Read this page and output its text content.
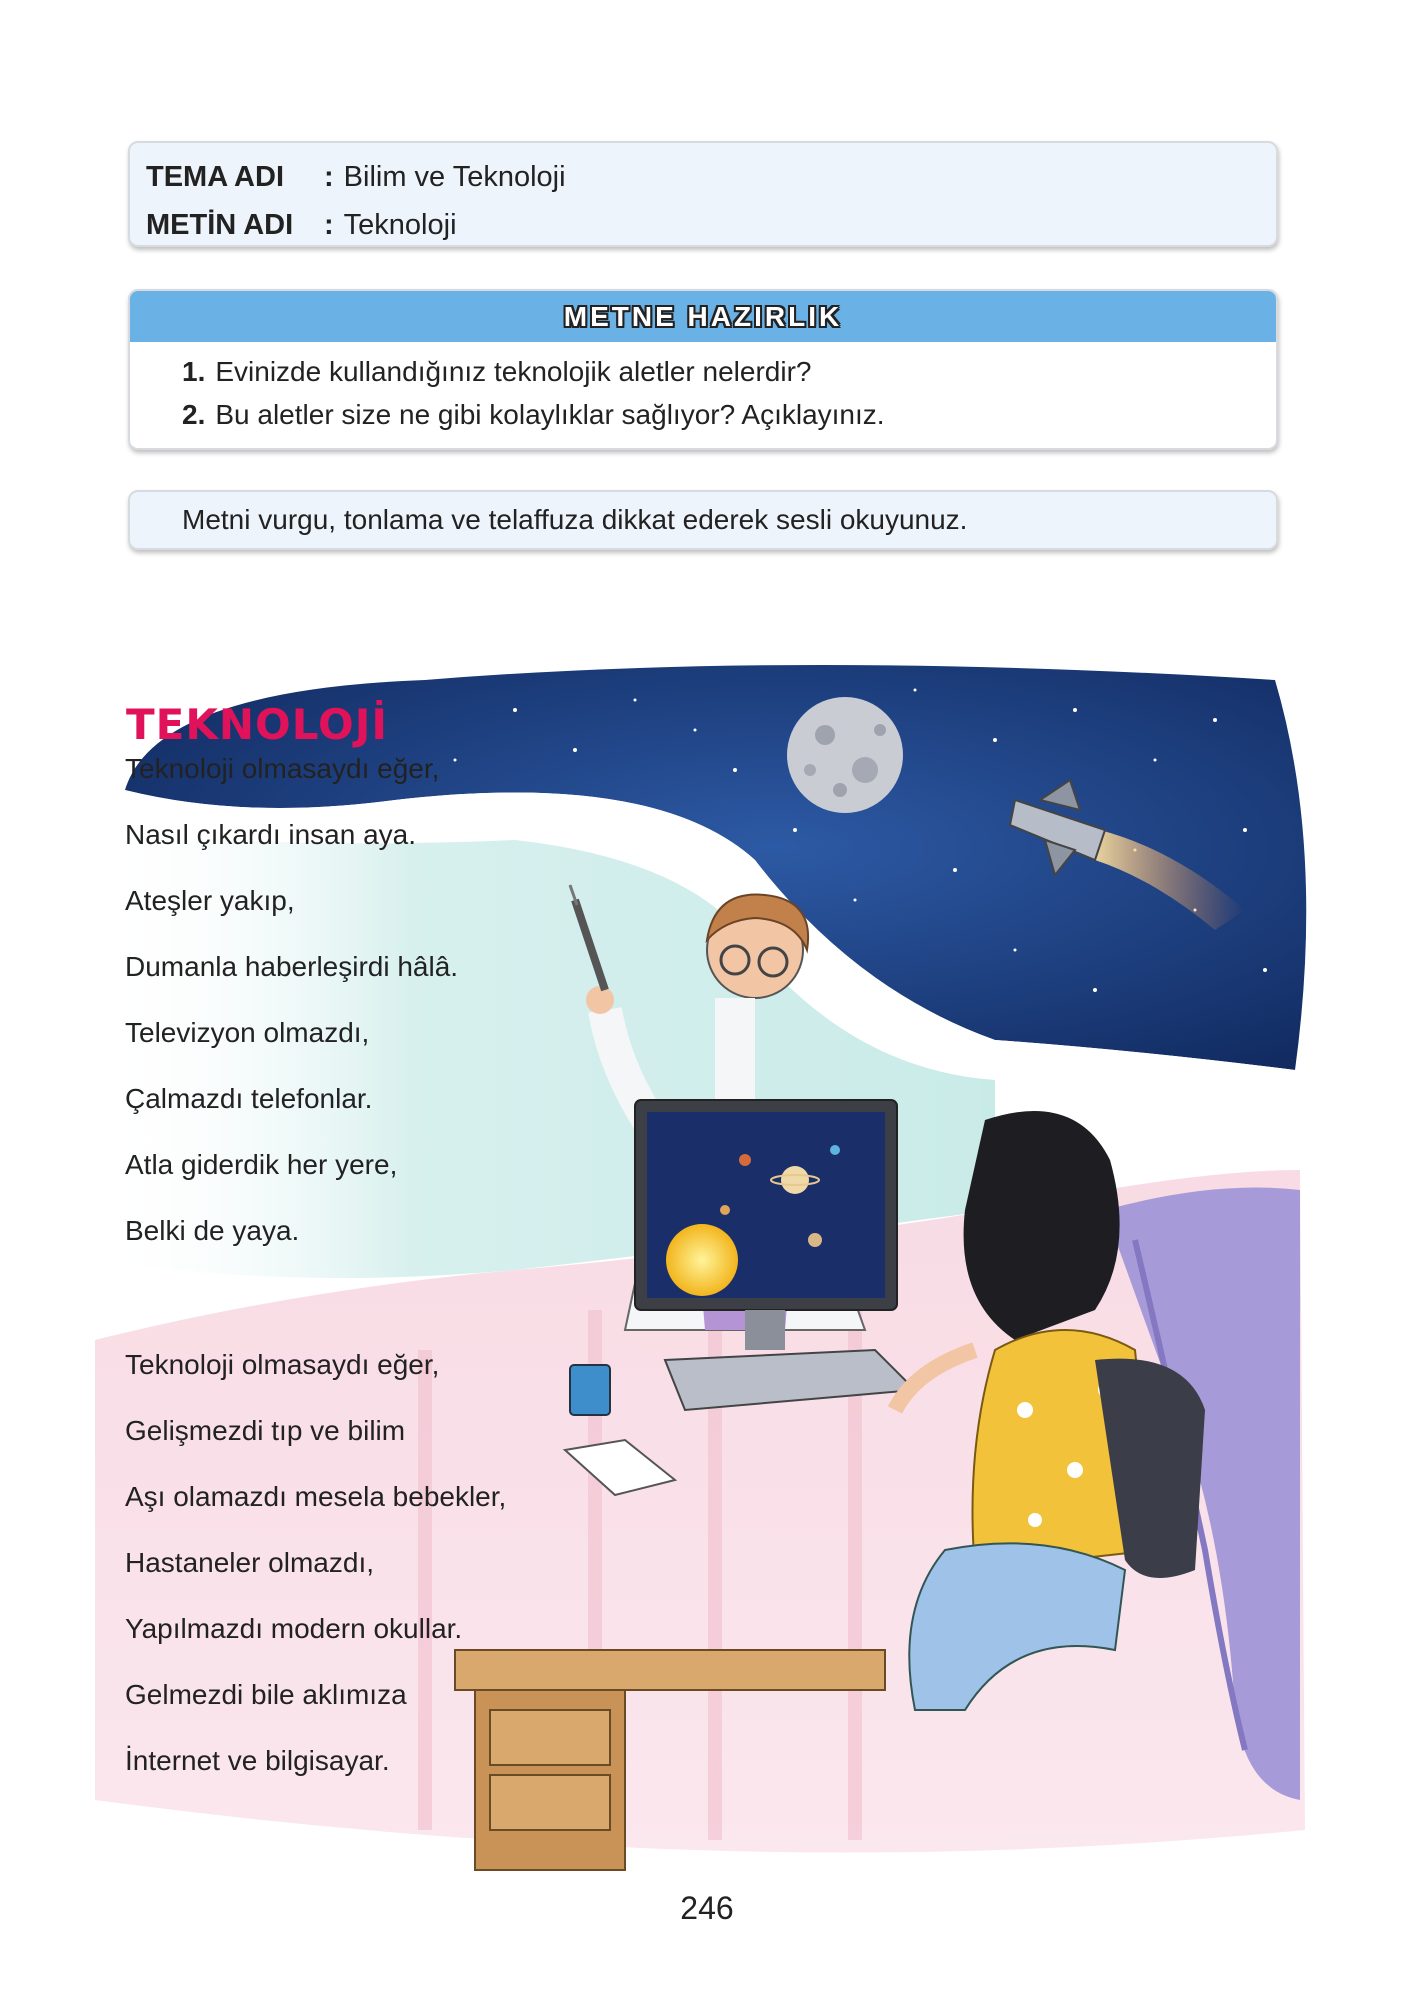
TEMA ADI : Bilim ve Teknoloji
METİN ADI : Teknoloji
METNE HAZIRLIK
1. Evinizde kullandığınız teknolojik aletler nelerdir?
2. Bu aletler size ne gibi kolaylıklar sağlıyor? Açıklayınız.
Metni vurgu, tonlama ve telaffuza dikkat ederek sesli okuyunuz.
TEKNOLOJİ
Teknoloji olmasaydı eğer,
Nasıl çıkardı insan aya.
Ateşler yakıp,
Dumanla haberleşirdi hâlâ.
Televizyon olmazdı,
Çalmazdı telefonlar.
Atla giderdik her yere,
Belki de yaya.
Teknoloji olmasaydı eğer,
Gelişmezdi tıp ve bilim
Aşı olamazdı mesela bebekler,
Hastaneler olmazdı,
Yapılmazdı modern okullar.
Gelmezdi bile aklımıza
İnternet ve bilgisayar.
246
